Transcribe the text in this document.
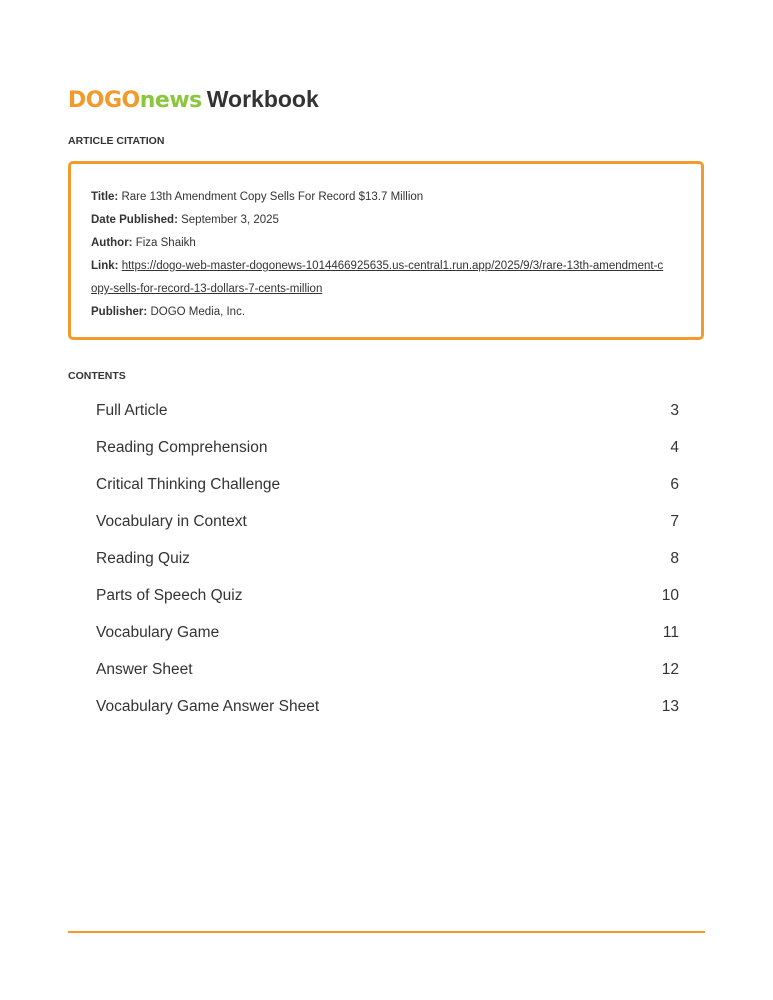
DOGO news Workbook
ARTICLE CITATION
Title: Rare 13th Amendment Copy Sells For Record $13.7 Million
Date Published: September 3, 2025
Author: Fiza Shaikh
Link: https://dogo-web-master-dogonews-1014466925635.us-central1.run.app/2025/9/3/rare-13th-amendment-copy-sells-for-record-13-dollars-7-cents-million
Publisher: DOGO Media, Inc.
CONTENTS
Full Article	3
Reading Comprehension	4
Critical Thinking Challenge	6
Vocabulary in Context	7
Reading Quiz	8
Parts of Speech Quiz	10
Vocabulary Game	11
Answer Sheet	12
Vocabulary Game Answer Sheet	13
